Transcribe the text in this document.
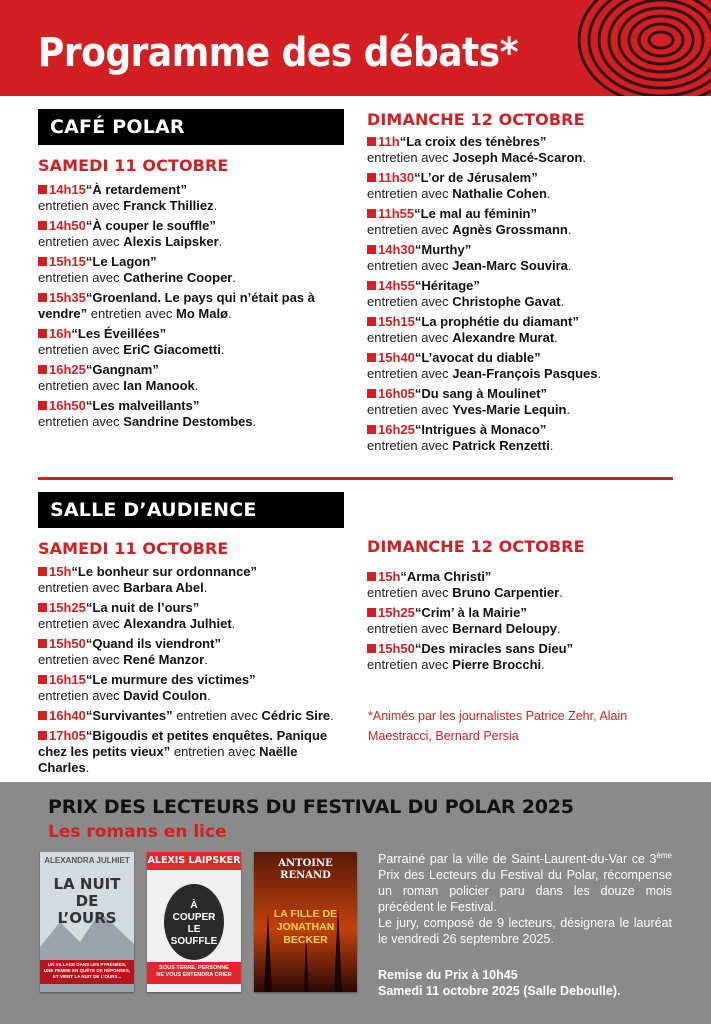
Programme des débats*
CAFÉ POLAR
SAMEDI 11 OCTOBRE
14h15“À retardement”
entretien avec Franck Thilliez.
14h50“À couper le souffle”
entretien avec Alexis Laipsker.
15h15“Le Lagon”
entretien avec Catherine Cooper.
15h35“Groenland. Le pays qui n’était pas à vendre” entretien avec Mo Malø.
16h“Les Éveillées”
entretien avec EriC Giacometti.
16h25“Gangnam”
entretien avec Ian Manook.
16h50“Les malveillants”
entretien avec Sandrine Destombes.
DIMANCHE 12 OCTOBRE
11h“La croix des ténèbres”
entretien avec Joseph Macé-Scaron.
11h30“L’or de Jérusalem”
entretien avec Nathalie Cohen.
11h55“Le mal au féminin”
entretien avec Agnès Grossmann.
14h30“Murthy”
entretien avec Jean-Marc Souvira.
14h55“Héritage”
entretien avec Christophe Gavat.
15h15“La prophétie du diamant”
entretien avec Alexandre Murat.
15h40“L’avocat du diable”
entretien avec Jean-François Pasques.
16h05“Du sang à Moulinet”
entretien avec Yves-Marie Lequin.
16h25“Intrigues à Monaco”
entretien avec Patrick Renzetti.
SALLE D’AUDIENCE
SAMEDI 11 OCTOBRE
15h“Le bonheur sur ordonnance”
entretien avec Barbara Abel.
15h25“La nuit de l’ours”
entretien avec Alexandra Julhiet.
15h50“Quand ils viendront”
entretien avec René Manzor.
16h15“Le murmure des victimes”
entretien avec David Coulon.
16h40“Survivantes” entretien avec Cédric Sire.
17h05“Bigoudis et petites enquêtes. Panique chez les petits vieux” entretien avec Naëlle Charles.
DIMANCHE 12 OCTOBRE
15h“Arma Christi”
entretien avec Bruno Carpentier.
15h25“Crim’ à la Mairie”
entretien avec Bernard Deloupy.
15h50“Des miracles sans Dieu”
entretien avec Pierre Brocchi.
*Animés par les journalistes Patrice Zehr, Alain Maestracci, Bernard Persia
PRIX DES LECTEURS DU FESTIVAL DU POLAR 2025
Les romans en lice
ALEXANDRA JULHIET
LA NUIT DE L’OURS
UN VILLAGE DANS LES PYRÉNÉES, UNE FEMME EN QUÊTE DE RÉPONSES, ET VIENT LA NUIT DE L’OURS...
ALEXIS LAIPSKER
À COUPER LE SOUFFLE
SOUS TERRE, PERSONNE NE VOUS ENTENDRA CRIER
ANTOINE RENAND
LA FILLE DE JONATHAN BECKER

Parrainé par la ville de Saint-Laurent-du-Var ce 3ème Prix des Lecteurs du Festival du Polar, récompense un roman policier paru dans les douze mois précédent le Festival.

Le jury, composé de 9 lecteurs, désignera le lauréat le vendredi 26 septembre 2025.

Remise du Prix à 10h45
Samedi 11 octobre 2025 (Salle Deboulle).
